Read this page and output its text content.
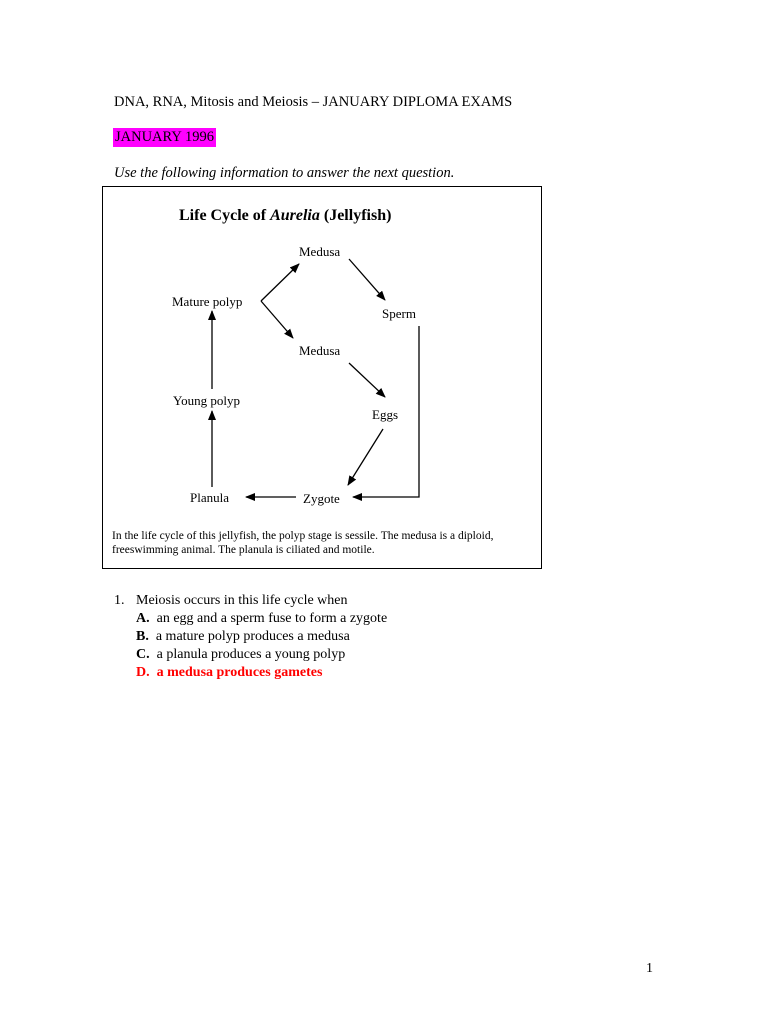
DNA, RNA, Mitosis and Meiosis – JANUARY DIPLOMA EXAMS
JANUARY 1996
Use the following information to answer the next question.
Life Cycle of Aurelia (Jellyfish)
Medusa
Mature polyp
Sperm
Medusa
Young polyp
Eggs
Planula	Zygote
In the life cycle of this jellyfish, the polyp stage is sessile. The medusa is a diploid, freeswimming animal. The planula is ciliated and motile.
1. Meiosis occurs in this life cycle when
A. an egg and a sperm fuse to form a zygote
B. a mature polyp produces a medusa
C. a planula produces a young polyp
D. a medusa produces gametes
1
